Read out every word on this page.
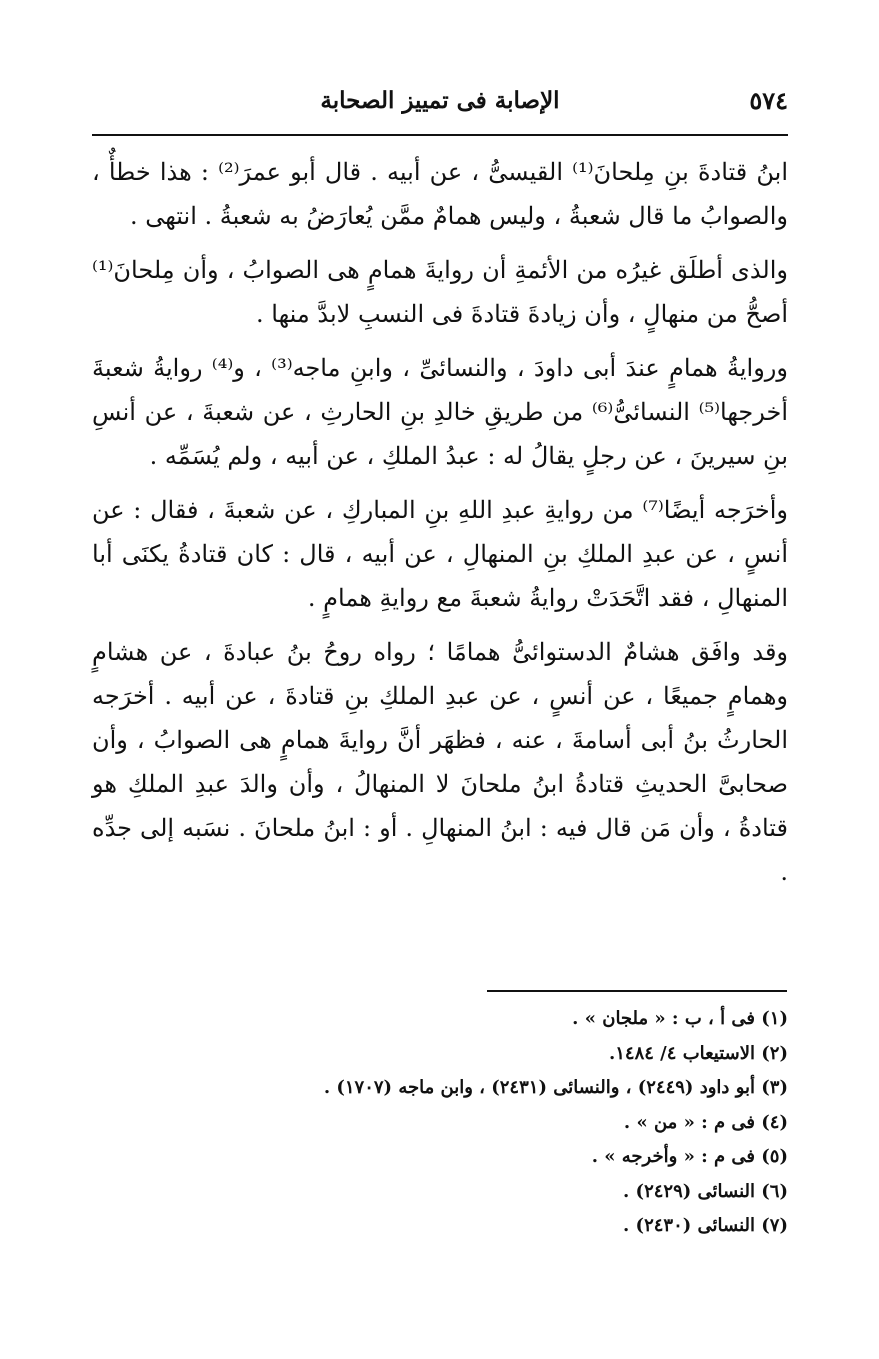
٥٧٤
الإصابة فى تمييز الصحابة

ابنُ قتادةَ بنِ مِلحانَ⁽¹⁾ القيسىُّ ، عن أبيه . قال أبو عمرَ⁽²⁾ : هذا خطأٌ ، والصوابُ ما قال شعبةُ ، وليس همامٌ ممَّن يُعارَضُ به شعبةُ . انتهى .

والذى أطلَق غيرُه من الأئمةِ أن روايةَ همامٍ هى الصوابُ ، وأن مِلحانَ⁽¹⁾ أصحُّ من منهالٍ ، وأن زيادةَ قتادةَ فى النسبِ لابدَّ منها .

وروايةُ همامٍ عندَ أبى داودَ ، والنسائىِّ ، وابنِ ماجه⁽³⁾ ، و⁽⁴⁾ روايةُ شعبةَ أخرجها⁽⁵⁾ النسائىُّ⁽⁶⁾ من طريقِ خالدِ بنِ الحارثِ ، عن شعبةَ ، عن أنسِ بنِ سيرينَ ، عن رجلٍ يقالُ له : عبدُ الملكِ ، عن أبيه ، ولم يُسَمِّه .

وأخرَجه أيضًا⁽⁷⁾ من روايةِ عبدِ اللهِ بنِ المباركِ ، عن شعبةَ ، فقال : عن أنسٍ ، عن عبدِ الملكِ بنِ المنهالِ ، عن أبيه ، قال : كان قتادةُ يكنَى أبا المنهالِ ، فقد اتَّحَدَتْ روايةُ شعبةَ مع روايةِ همامٍ .

وقد وافَق هشامٌ الدستوائىُّ همامًا ؛ رواه روحُ بنُ عبادةَ ، عن هشامٍ وهمامٍ جميعًا ، عن أنسٍ ، عن عبدِ الملكِ بنِ قتادةَ ، عن أبيه . أخرَجه الحارثُ بنُ أبى أسامةَ ، عنه ، فظهَر أنَّ روايةَ همامٍ هى الصوابُ ، وأن صحابىَّ الحديثِ قتادةُ ابنُ ملحانَ لا المنهالُ ، وأن والدَ عبدِ الملكِ هو قتادةُ ، وأن مَن قال فيه : ابنُ المنهالِ . أو : ابنُ ملحانَ . نسَبه إلى جدِّه .

(١) فى أ ، ب : « ملجان » .

(٢) الاستيعاب ٤/ ١٤٨٤.

(٣) أبو داود (٢٤٤٩) ، والنسائى (٢٤٣١) ، وابن ماجه (١٧٠٧) .

(٤) فى م : « من » .

(٥) فى م : « وأخرجه » .

(٦) النسائى (٢٤٢٩) .

(٧) النسائى (٢٤٣٠) .
